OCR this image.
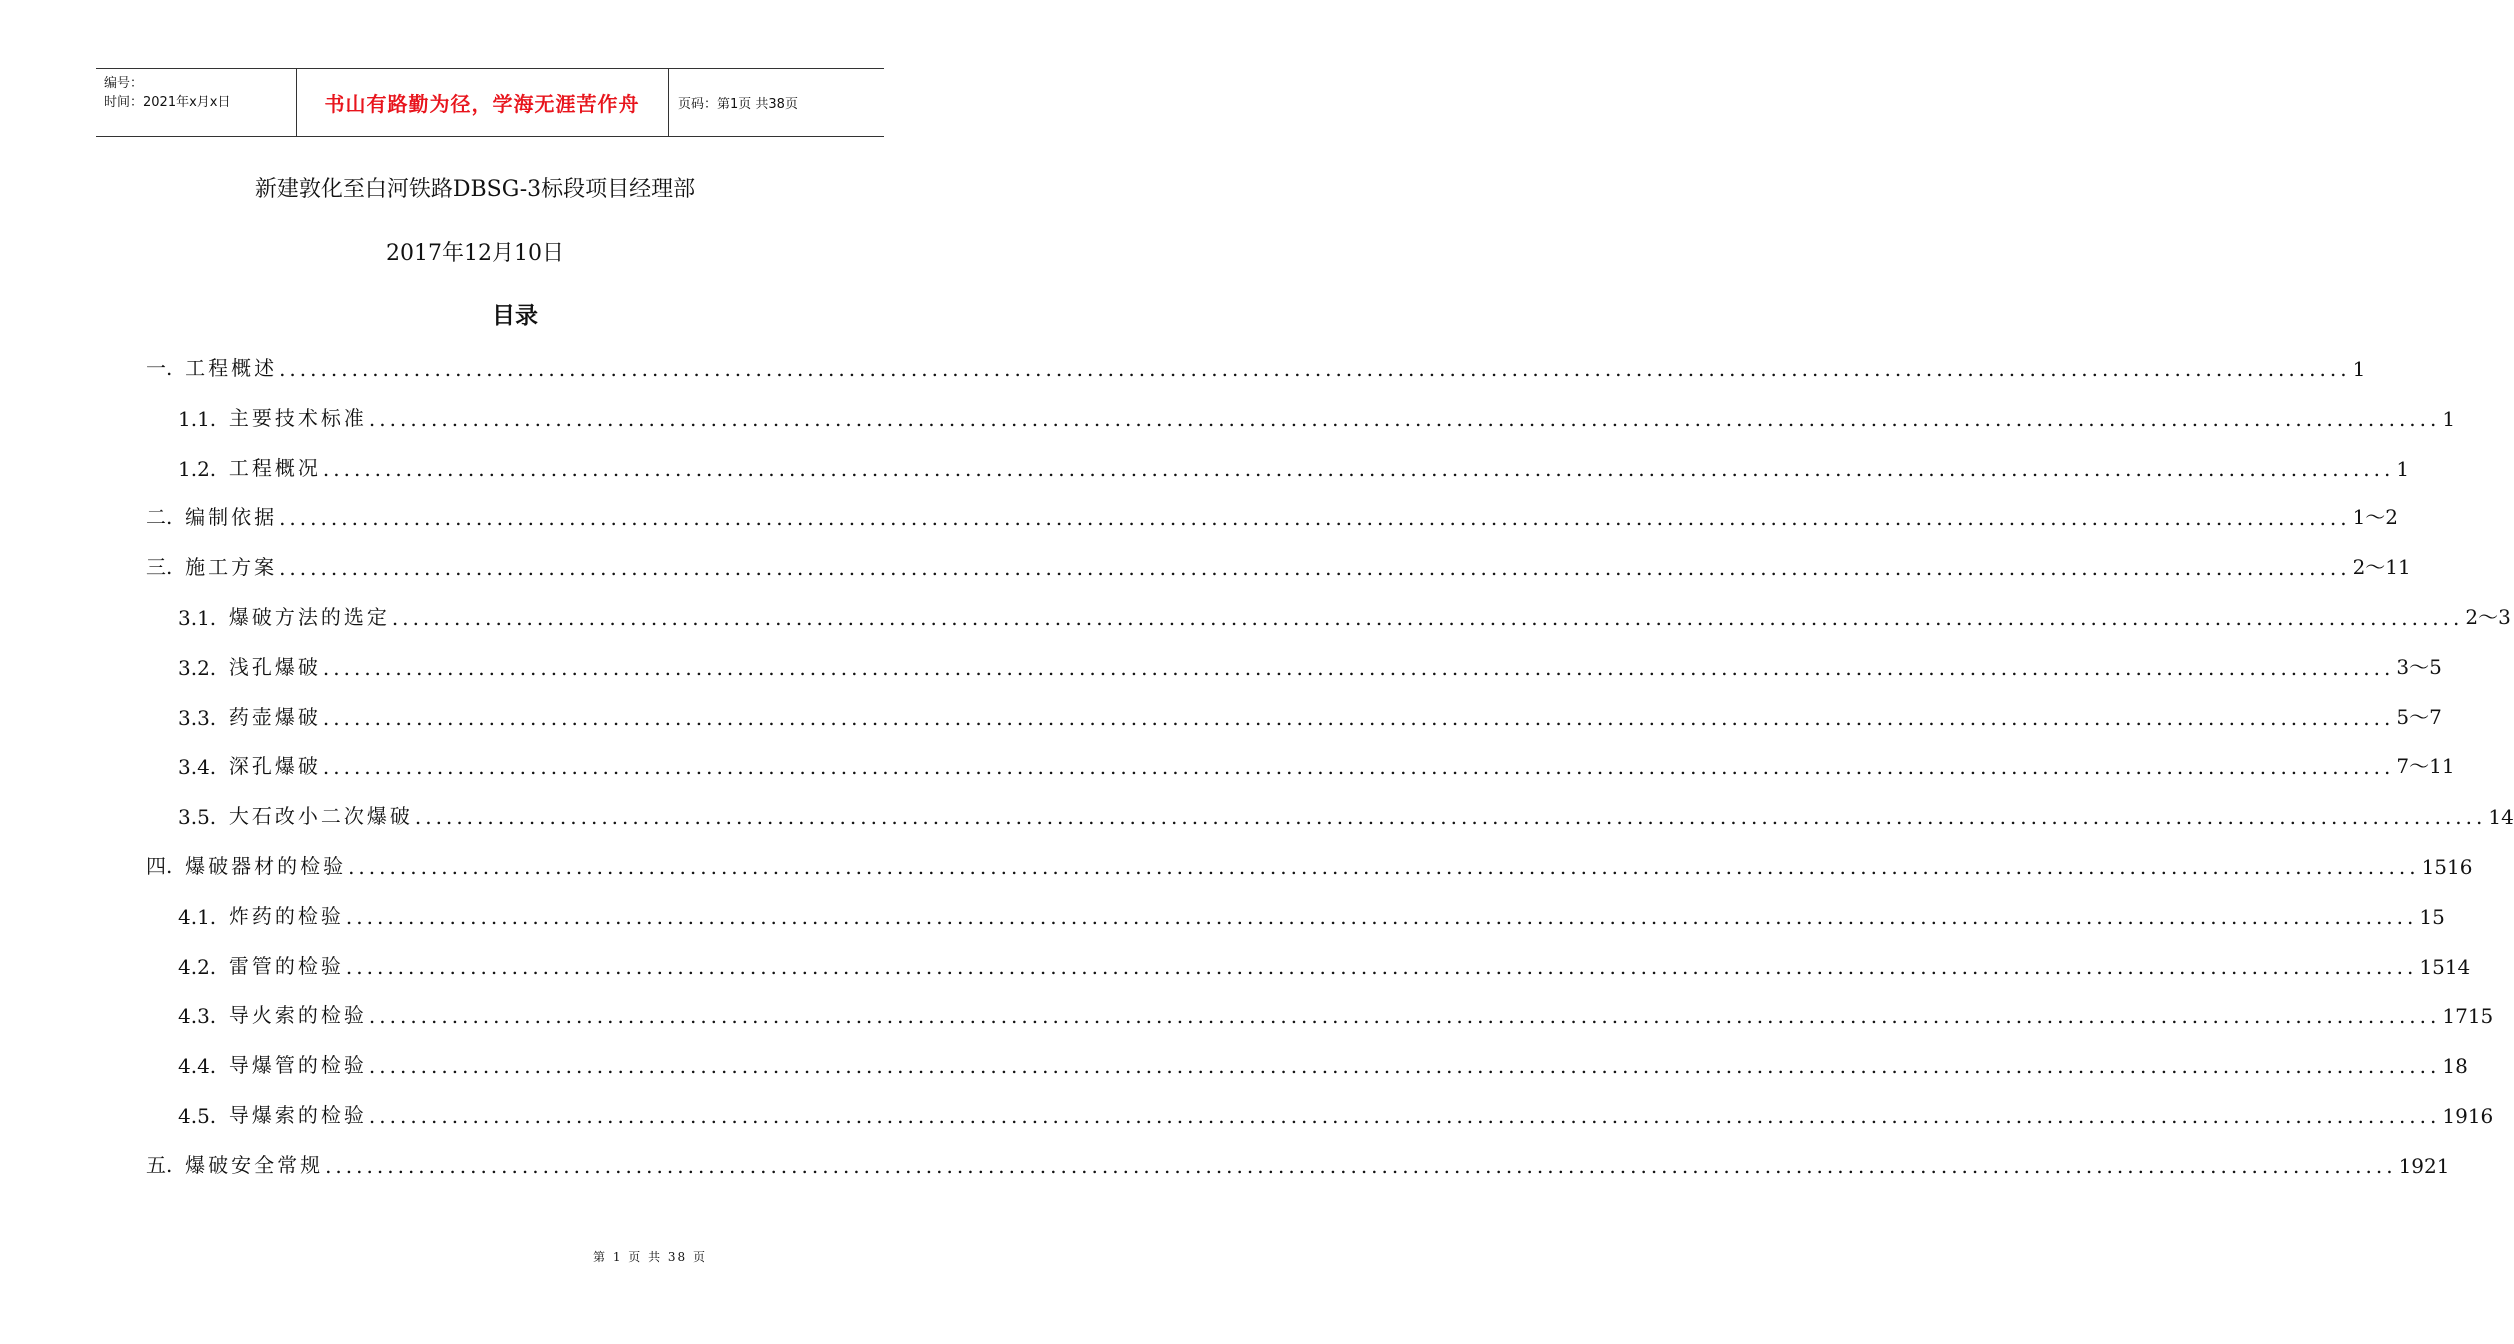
编号：
时间：2021年x月x日	书山有路勤为径，学海无涯苦作舟	页码：第1页 共38页
新建敦化至白河铁路DBSG-3标段项目经理部
2017年12月10日
目录
一. 工程概述 ........................................................................................................................................................................................................ 1
1.1. 主要技术标准 ........................................................................................................................................................................................................ 1
1.2. 工程概况 ........................................................................................................................................................................................................ 1
二. 编制依据 ........................................................................................................................................................................................................ 1～2
三. 施工方案 ........................................................................................................................................................................................................ 2～11
3.1. 爆破方法的选定 ........................................................................................................................................................................................................ 2～3
3.2. 浅孔爆破 ........................................................................................................................................................................................................ 3～5
3.3. 药壶爆破 ........................................................................................................................................................................................................ 5～7
3.4. 深孔爆破 ........................................................................................................................................................................................................ 7～11
3.5. 大石改小二次爆破 ........................................................................................................................................................................................................ 14
四. 爆破器材的检验 ........................................................................................................................................................................................................ 1516
4.1. 炸药的检验 ........................................................................................................................................................................................................ 15
4.2. 雷管的检验 ........................................................................................................................................................................................................ 1514
4.3. 导火索的检验 ........................................................................................................................................................................................................ 1715
4.4. 导爆管的检验 ........................................................................................................................................................................................................ 18
4.5. 导爆索的检验 ........................................................................................................................................................................................................ 1916
五. 爆破安全常规 ........................................................................................................................................................................................................ 1921
第 1 页 共 38 页
